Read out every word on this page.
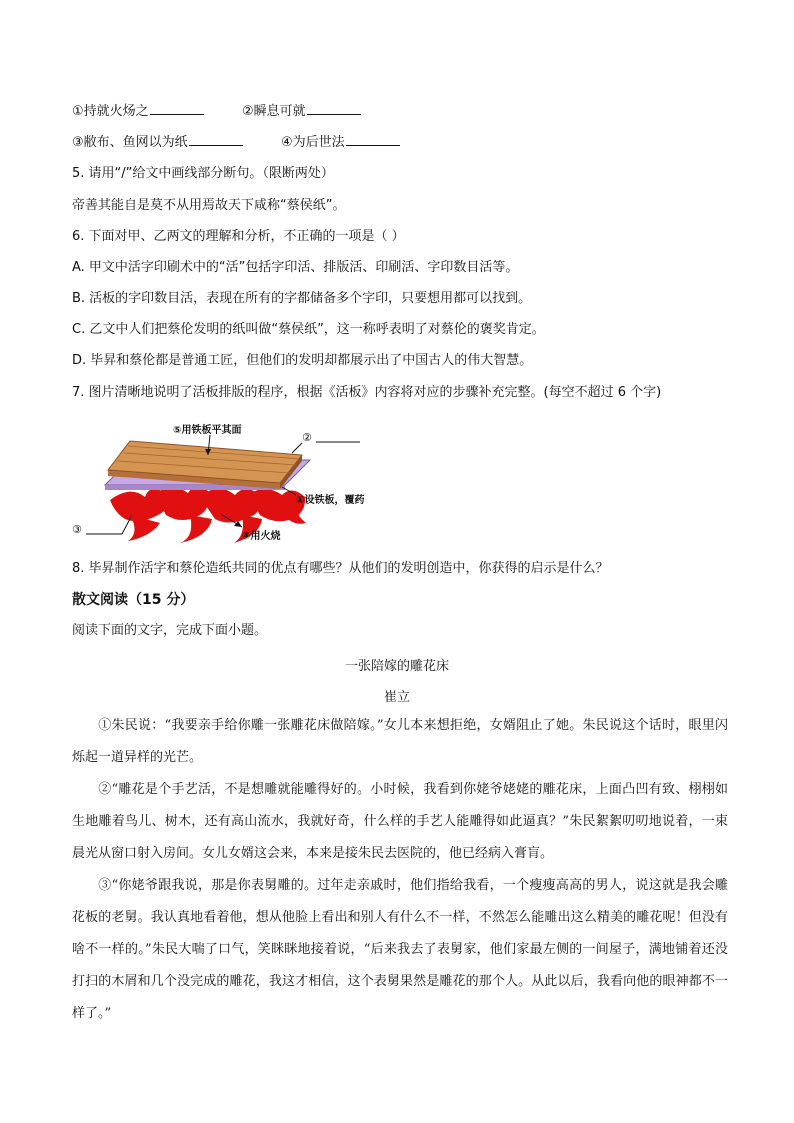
①持就火炀之	②瞬息可就
③敝布、鱼网以为纸	④为后世法
5. 请用“/”给文中画线部分断句。（限断两处）
帝善其能自是莫不从用焉故天下咸称“蔡侯纸”。
6. 下面对甲、乙两文的理解和分析，不正确的一项是（ ）
A. 甲文中活字印刷术中的“活”包括字印活、排版活、印刷活、字印数目活等。
B. 活板的字印数目活，表现在所有的字都储备多个字印，只要想用都可以找到。
C. 乙文中人们把蔡伦发明的纸叫做“蔡侯纸”，这一称呼表明了对蔡伦的褒奖肯定。
D. 毕昇和蔡伦都是普通工匠，但他们的发明却都展示出了中国古人的伟大智慧。
7. 图片清晰地说明了活板排版的程序，根据《活板》内容将对应的步骤补充完整。(每空不超过 6 个字)
⑤用铁板平其面
②
①设铁板，覆药
③
④用火烧
8. 毕昇制作活字和蔡伦造纸共同的优点有哪些？从他们的发明创造中，你获得的启示是什么？
散文阅读（15 分）
阅读下面的文字，完成下面小题。
一张陪嫁的雕花床
崔立
①朱民说：“我要亲手给你雕一张雕花床做陪嫁。”女儿本来想拒绝，女婿阻止了她。朱民说这个话时，眼里闪烁起一道异样的光芒。
②“雕花是个手艺活，不是想雕就能雕得好的。小时候，我看到你姥爷姥姥的雕花床，上面凸凹有致、栩栩如生地雕着鸟儿、树木，还有高山流水，我就好奇，什么样的手艺人能雕得如此逼真？”朱民絮絮叨叨地说着，一束晨光从窗口射入房间。女儿女婿这会来，本来是接朱民去医院的，他已经病入膏肓。
③“你姥爷跟我说，那是你表舅雕的。过年走亲戚时，他们指给我看，一个瘦瘦高高的男人，说这就是我会雕花板的老舅。我认真地看着他，想从他脸上看出和别人有什么不一样，不然怎么能雕出这么精美的雕花呢！但没有啥不一样的。”朱民大喘了口气，笑眯眯地接着说，“后来我去了表舅家，他们家最左侧的一间屋子，满地铺着还没打扫的木屑和几个没完成的雕花，我这才相信，这个表舅果然是雕花的那个人。从此以后，我看向他的眼神都不一样了。”
